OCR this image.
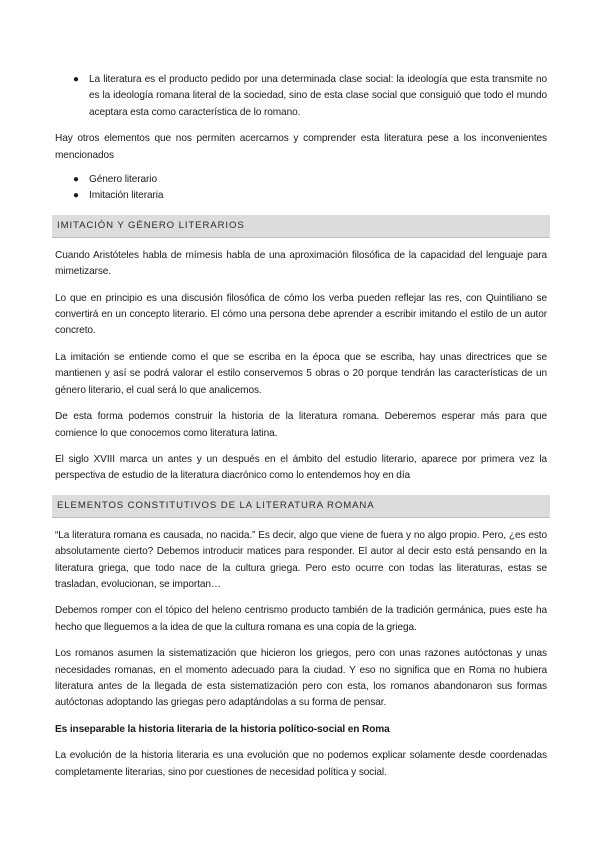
● La literatura es el producto pedido por una determinada clase social: la ideología que esta transmite no es la ideología romana literal de la sociedad, sino de esta clase social que consiguió que todo el mundo aceptara esta como característica de lo romano.

Hay otros elementos que nos permiten acercarnos y comprender esta literatura pese a los inconvenientes mencionados

● Género literario
● Imitación literaria
IMITACIÓN Y GÉNERO LITERARIOS

Cuando Aristóteles habla de mímesis habla de una aproximación filosófica de la capacidad del lenguaje para mimetizarse.

Lo que en principio es una discusión filosófica de cómo los verba pueden reflejar las res, con Quintiliano se convertirá en un concepto literario. El cómo una persona debe aprender a escribir imitando el estilo de un autor concreto.

La imitación se entiende como el que se escriba en la época que se escriba, hay unas directrices que se mantienen y así se podrá valorar el estilo conservemos 5 obras o 20 porque tendrán las características de un género literario, el cual será lo que analicemos.

De esta forma podemos construir la historia de la literatura romana. Deberemos esperar más para que comience lo que conocemos como literatura latina.

El siglo XVIII marca un antes y un después en el ámbito del estudio literario, aparece por primera vez la perspectiva de estudio de la literatura diacrónico como lo entendemos hoy en día

ELEMENTOS CONSTITUTIVOS DE LA LITERATURA ROMANA

“La literatura romana es causada, no nacida.” Es decir, algo que viene de fuera y no algo propio. Pero, ¿es esto absolutamente cierto? Debemos introducir matices para responder. El autor al decir esto está pensando en la literatura griega, que todo nace de la cultura griega. Pero esto ocurre con todas las literaturas, estas se trasladan, evolucionan, se importan…

Debemos romper con el tópico del heleno centrismo producto también de la tradición germánica, pues este ha hecho que lleguemos a la idea de que la cultura romana es una copia de la griega.

Los romanos asumen la sistematización que hicieron los griegos, pero con unas razones autóctonas y unas necesidades romanas, en el momento adecuado para la ciudad. Y eso no significa que en Roma no hubiera literatura antes de la llegada de esta sistematización pero con esta, los romanos abandonaron sus formas autóctonas adoptando las griegas pero adaptándolas a su forma de pensar.

Es inseparable la historia literaria de la historia político-social en Roma

La evolución de la historia literaria es una evolución que no podemos explicar solamente desde coordenadas completamente literarias, sino por cuestiones de necesidad política y social.
